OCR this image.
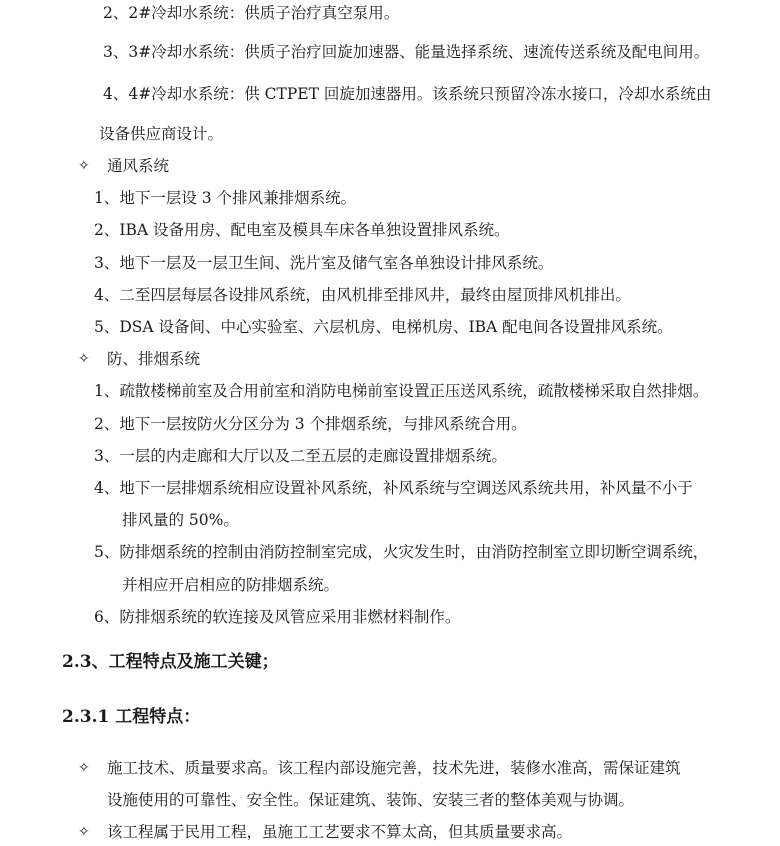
2、2#冷却水系统：供质子治疗真空泵用。
3、3#冷却水系统：供质子治疗回旋加速器、能量选择系统、速流传送系统及配电间用。
4、4#冷却水系统：供 CTPET 回旋加速器用。该系统只预留冷冻水接口，冷却水系统由
设备供应商设计。
✧ 通风系统
1、地下一层设 3 个排风兼排烟系统。
2、IBA 设备用房、配电室及模具车床各单独设置排风系统。
3、地下一层及一层卫生间、洗片室及储气室各单独设计排风系统。
4、二至四层每层各设排风系统，由风机排至排风井，最终由屋顶排风机排出。
5、DSA 设备间、中心实验室、六层机房、电梯机房、IBA 配电间各设置排风系统。
✧ 防、排烟系统
1、疏散楼梯前室及合用前室和消防电梯前室设置正压送风系统，疏散楼梯采取自然排烟。
2、地下一层按防火分区分为 3 个排烟系统，与排风系统合用。
3、一层的内走廊和大厅以及二至五层的走廊设置排烟系统。
4、地下一层排烟系统相应设置补风系统，补风系统与空调送风系统共用，补风量不小于
排风量的 50%。
5、防排烟系统的控制由消防控制室完成，火灾发生时，由消防控制室立即切断空调系统，
并相应开启相应的防排烟系统。
6、防排烟系统的软连接及风管应采用非燃材料制作。
2.3、工程特点及施工关键；
2.3.1 工程特点：
✧ 施工技术、质量要求高。该工程内部设施完善，技术先进，装修水准高，需保证建筑
设施使用的可靠性、安全性。保证建筑、装饰、安装三者的整体美观与协调。
✧ 该工程属于民用工程，虽施工工艺要求不算太高，但其质量要求高。
